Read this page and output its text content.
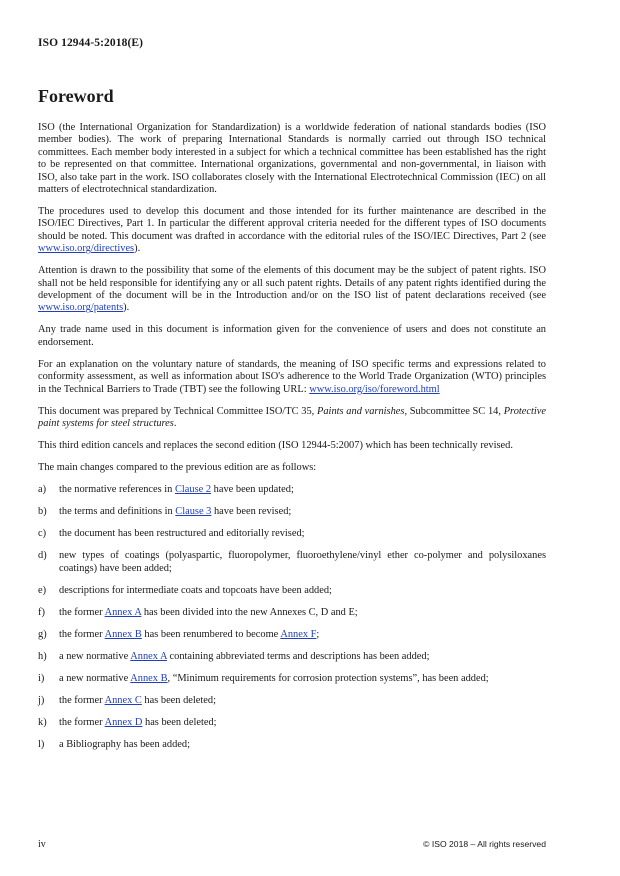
ISO 12944-5:2018(E)
Foreword

ISO (the International Organization for Standardization) is a worldwide federation of national standards bodies (ISO member bodies). The work of preparing International Standards is normally carried out through ISO technical committees. Each member body interested in a subject for which a technical committee has been established has the right to be represented on that committee. International organizations, governmental and non-governmental, in liaison with ISO, also take part in the work. ISO collaborates closely with the International Electrotechnical Commission (IEC) on all matters of electrotechnical standardization.

The procedures used to develop this document and those intended for its further maintenance are described in the ISO/IEC Directives, Part 1. In particular the different approval criteria needed for the different types of ISO documents should be noted. This document was drafted in accordance with the editorial rules of the ISO/IEC Directives, Part 2 (see www.iso.org/directives).

Attention is drawn to the possibility that some of the elements of this document may be the subject of patent rights. ISO shall not be held responsible for identifying any or all such patent rights. Details of any patent rights identified during the development of the document will be in the Introduction and/or on the ISO list of patent declarations received (see www.iso.org/patents).

Any trade name used in this document is information given for the convenience of users and does not constitute an endorsement.

For an explanation on the voluntary nature of standards, the meaning of ISO specific terms and expressions related to conformity assessment, as well as information about ISO's adherence to the World Trade Organization (WTO) principles in the Technical Barriers to Trade (TBT) see the following URL: www.iso.org/iso/foreword.html

This document was prepared by Technical Committee ISO/TC 35, Paints and varnishes, Subcommittee SC 14, Protective paint systems for steel structures.

This third edition cancels and replaces the second edition (ISO 12944-5:2007) which has been technically revised.

The main changes compared to the previous edition are as follows:

a)	the normative references in Clause 2 have been updated;
b)	the terms and definitions in Clause 3 have been revised;
c)	the document has been restructured and editorially revised;
d)	new types of coatings (polyaspartic, fluoropolymer, fluoroethylene/vinyl ether co-polymer and polysiloxanes coatings) have been added;
e)	descriptions for intermediate coats and topcoats have been added;
f)	the former Annex A has been divided into the new Annexes C, D and E;
g)	the former Annex B has been renumbered to become Annex F;
h)	a new normative Annex A containing abbreviated terms and descriptions has been added;
i)	a new normative Annex B, “Minimum requirements for corrosion protection systems”, has been added;
j)	the former Annex C has been deleted;
k)	the former Annex D has been deleted;
l)	a Bibliography has been added;
iv	© ISO 2018 – All rights reserved
